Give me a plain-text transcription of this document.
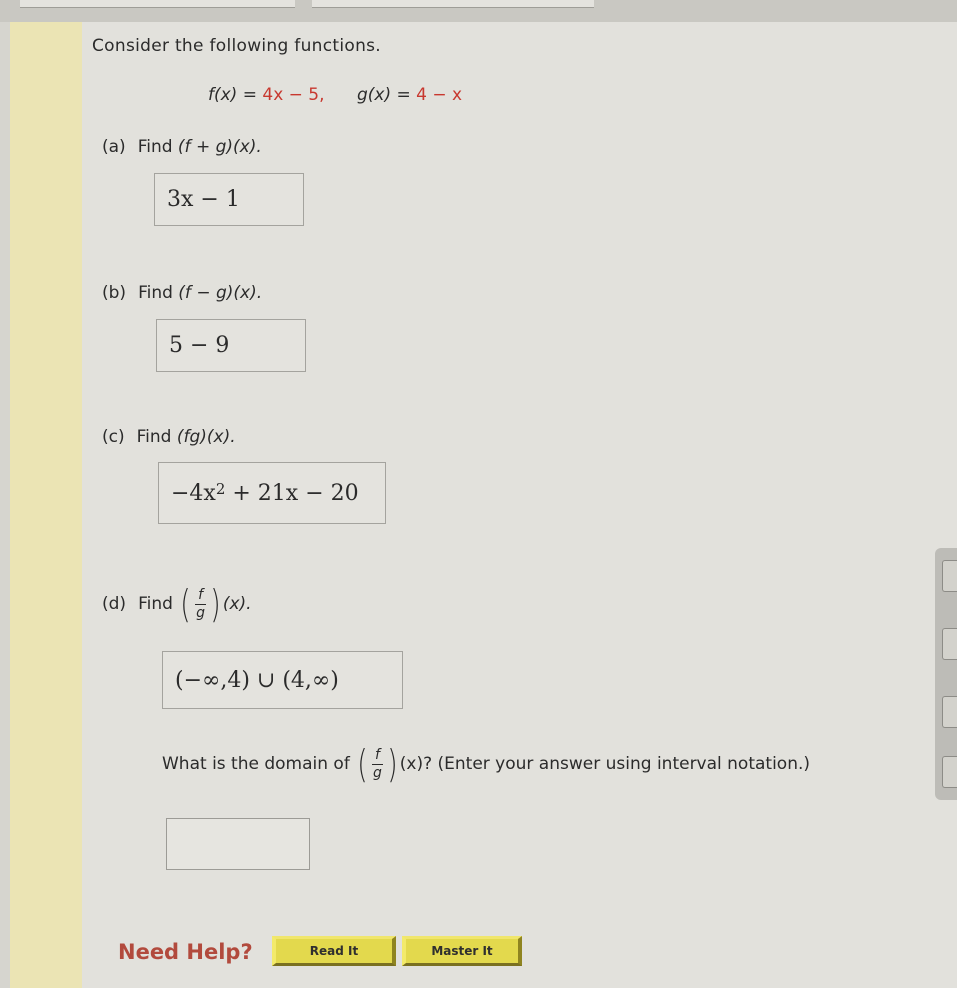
Consider the following functions.
f(x) = 4x − 5, g(x) = 4 − x
(a) Find (f + g)(x).
3x − 1
(b) Find (f − g)(x).
5 − 9
(c) Find (fg)(x).
$-4x^2 + 21x - 20$
(d) Find ( $\frac{f}{g}$ ) (x).
(−∞,4) ∪ (4,∞)
What is the domain of ( $\frac{f}{g}$ ) (x)? (Enter your answer using interval notation.)
Need Help?	Read It	Master It
